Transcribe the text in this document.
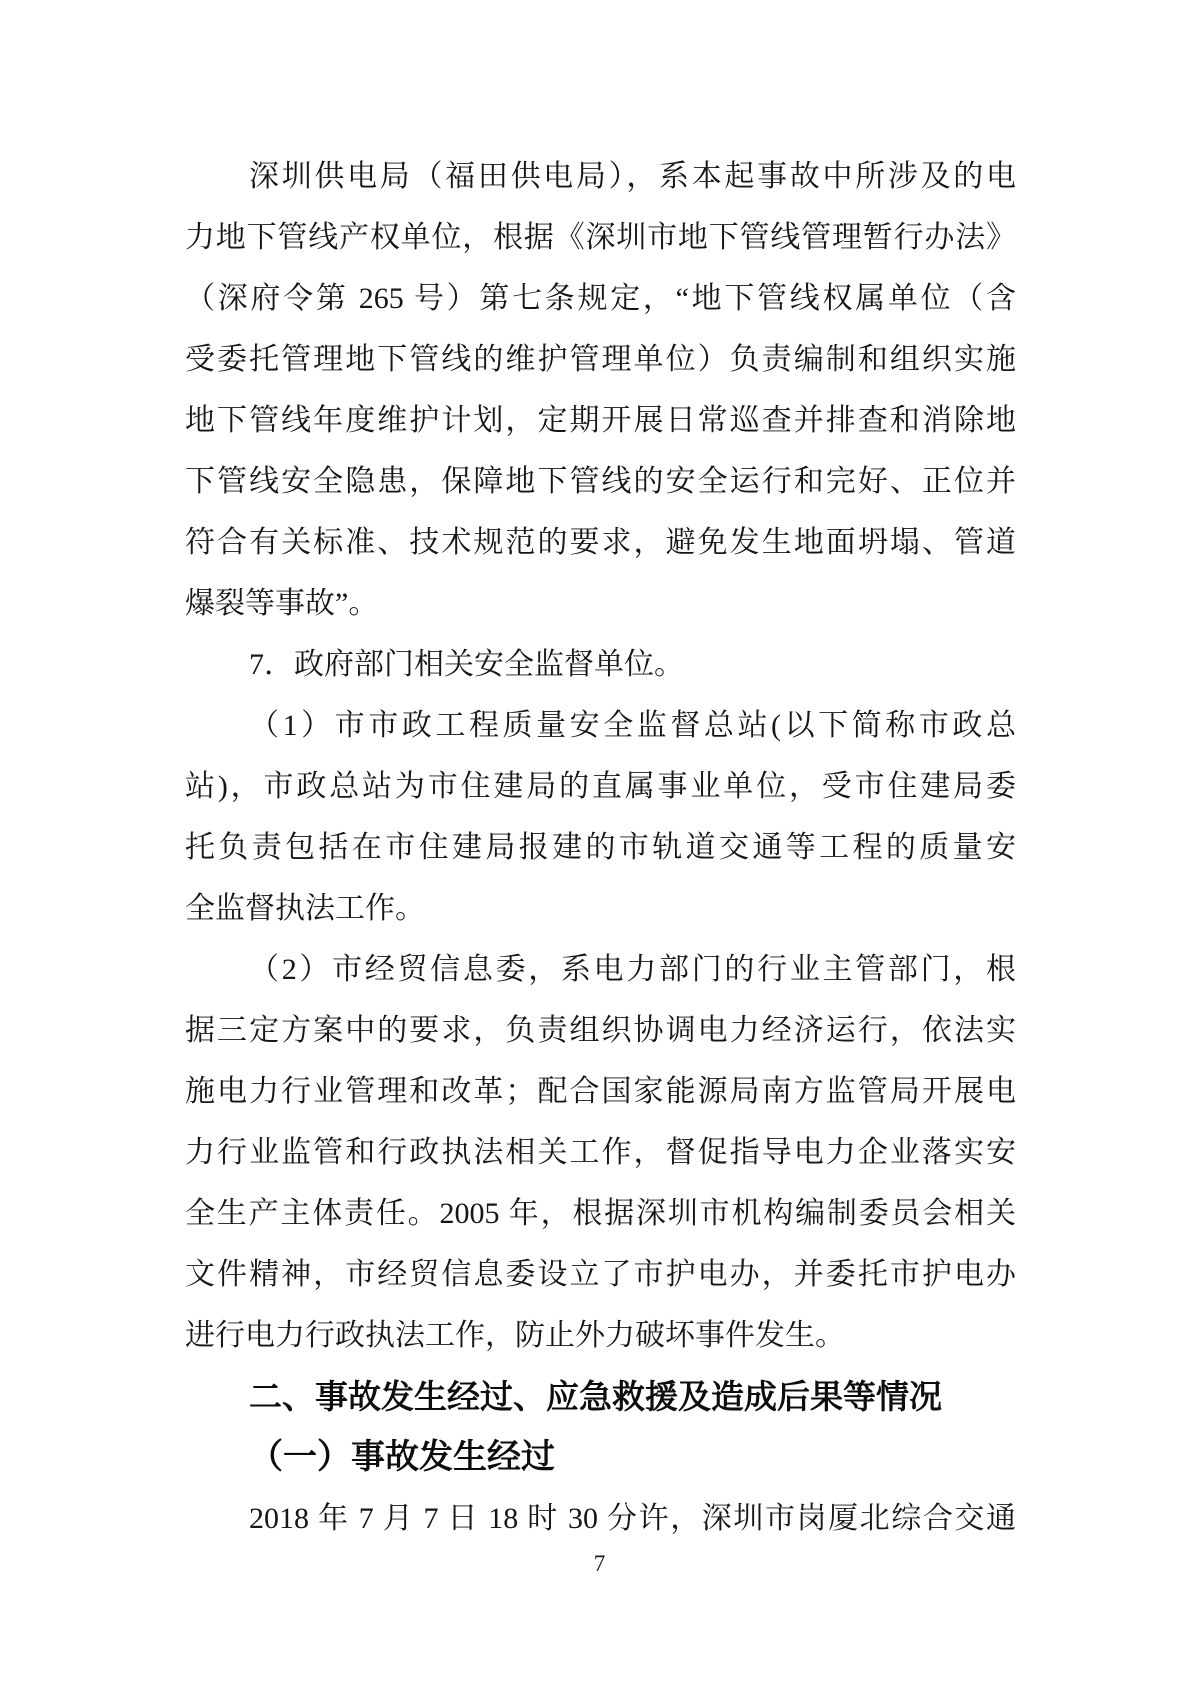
深圳供电局（福田供电局），系本起事故中所涉及的电
力地下管线产权单位，根据《深圳市地下管线管理暂行办法》
（深府令第 265 号）第七条规定，“地下管线权属单位（含
受委托管理地下管线的维护管理单位）负责编制和组织实施
地下管线年度维护计划，定期开展日常巡查并排查和消除地
下管线安全隐患，保障地下管线的安全运行和完好、正位并
符合有关标准、技术规范的要求，避免发生地面坍塌、管道
爆裂等事故”。
7．政府部门相关安全监督单位。
（1）市市政工程质量安全监督总站(以下简称市政总
站)，市政总站为市住建局的直属事业单位，受市住建局委
托负责包括在市住建局报建的市轨道交通等工程的质量安
全监督执法工作。
（2）市经贸信息委，系电力部门的行业主管部门，根
据三定方案中的要求，负责组织协调电力经济运行，依法实
施电力行业管理和改革；配合国家能源局南方监管局开展电
力行业监管和行政执法相关工作，督促指导电力企业落实安
全生产主体责任。2005 年，根据深圳市机构编制委员会相关
文件精神，市经贸信息委设立了市护电办，并委托市护电办
进行电力行政执法工作，防止外力破坏事件发生。
二、事故发生经过、应急救援及造成后果等情况
（一）事故发生经过
2018 年 7 月 7 日 18 时 30 分许，深圳市岗厦北综合交通
7
